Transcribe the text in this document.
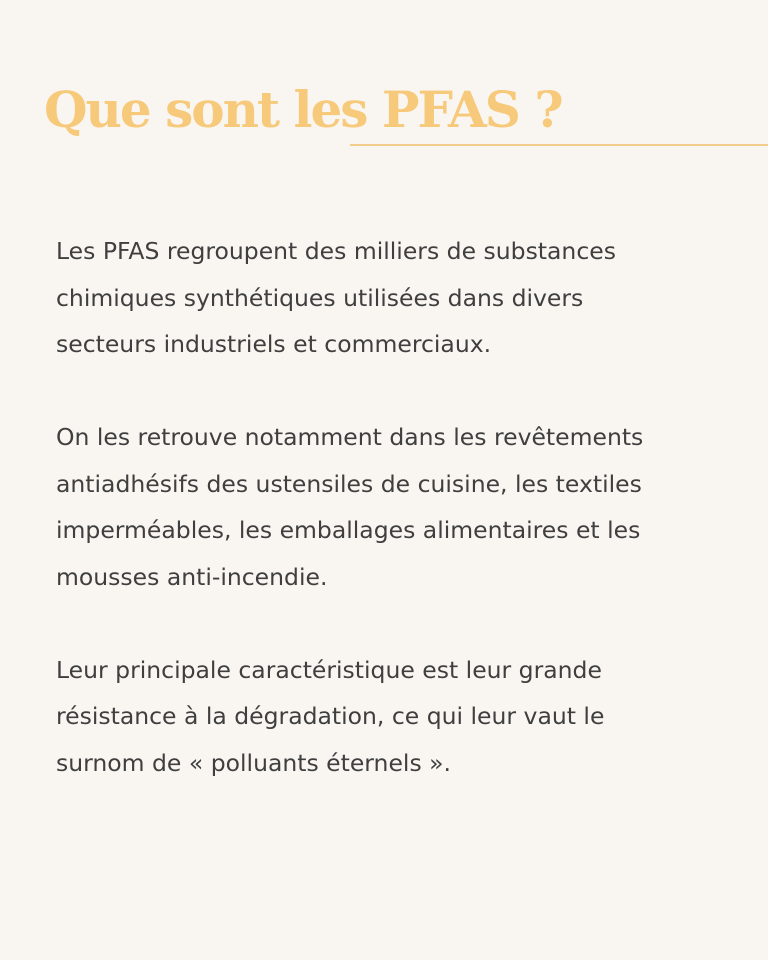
Que sont les PFAS ?

Les PFAS regroupent des milliers de substances
chimiques synthétiques utilisées dans divers
secteurs industriels et commerciaux.

On les retrouve notamment dans les revêtements
antiadhésifs des ustensiles de cuisine, les textiles
imperméables, les emballages alimentaires et les
mousses anti-incendie.

Leur principale caractéristique est leur grande
résistance à la dégradation, ce qui leur vaut le
surnom de « polluants éternels ».
